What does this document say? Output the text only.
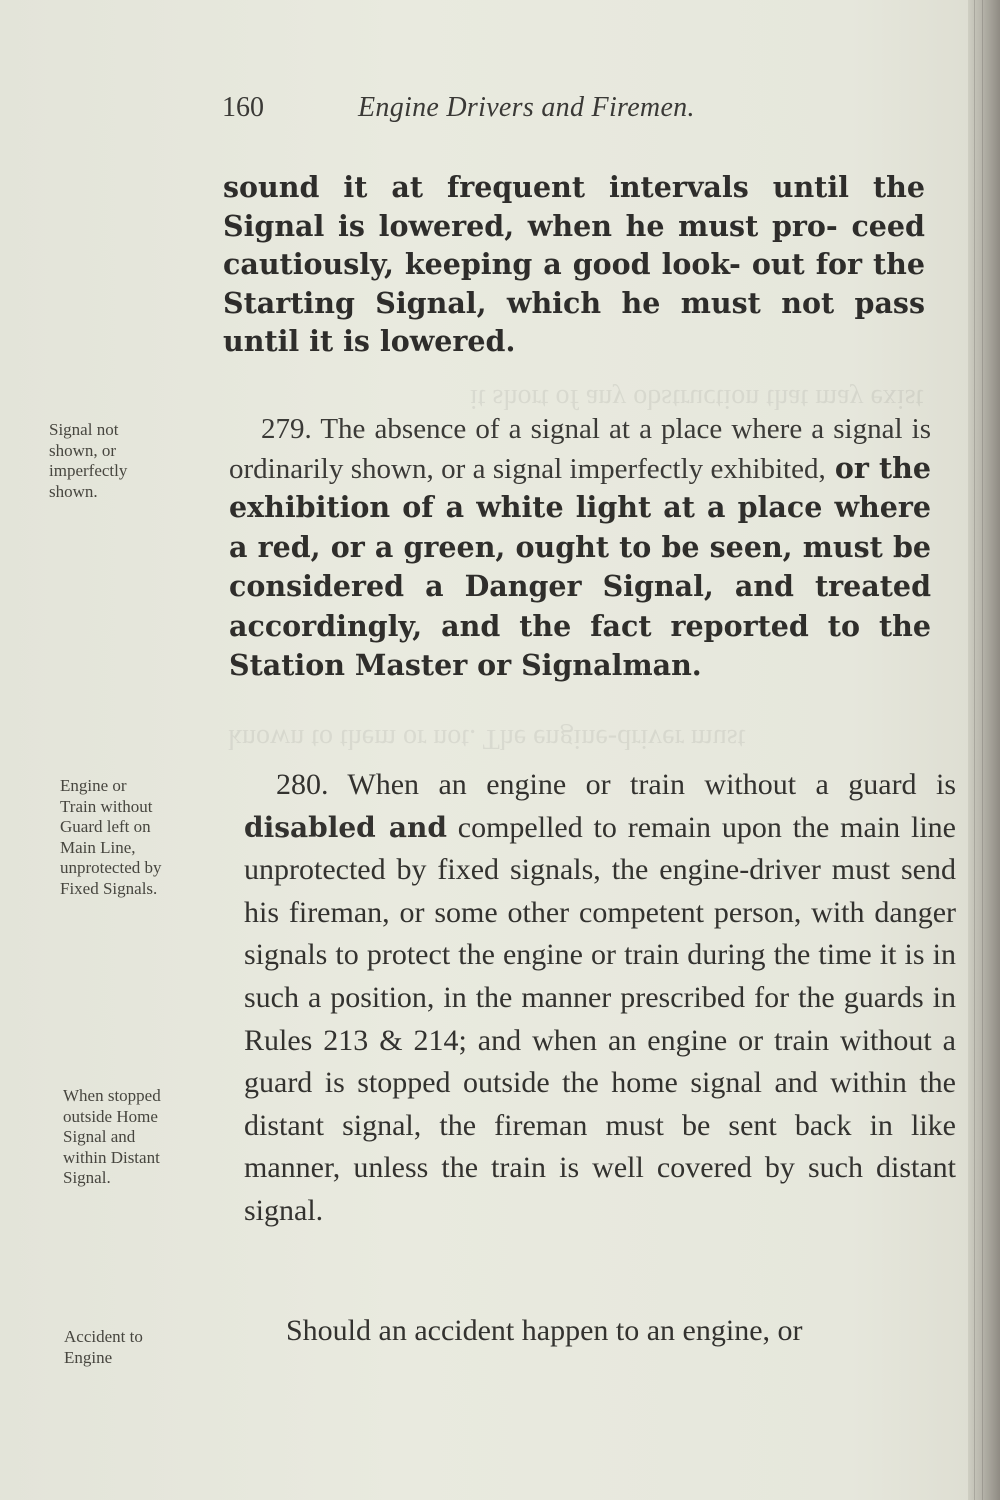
it short of any obstruction that may exist
known to them or not. The engine-driver must
160	Engine Drivers and Firemen.

sound it at frequent intervals until the Signal is lowered, when he must pro- ceed cautiously, keeping a good look- out for the Starting Signal, which he must not pass until it is lowered.

Signal not
shown, or
imperfectly
shown.

279. The absence of a signal at a place where a signal is ordinarily shown, or a signal imperfectly exhibited, or the exhibition of a white light at a place where a red, or a green, ought to be seen, must be considered a Danger Signal, and treated accordingly, and the fact reported to the Station Master or Signalman.

Engine or
Train without
Guard left on
Main Line,
unprotected by
Fixed Signals.

280. When an engine or train without a guard is disabled and compelled to remain upon the main line unprotected by fixed signals, the engine-driver must send his fireman, or some other competent person, with danger signals to protect the engine or train during the time it is in such a position, in the manner prescribed for the guards in Rules 213 & 214; and when an engine or train without a guard is stopped outside the home signal and within the distant signal, the fireman must be sent back in like manner, unless the train is well covered by such distant signal.

When stopped
outside Home
Signal and
within Distant
Signal.
Accident to
Engine

Should an accident happen to an engine, or
